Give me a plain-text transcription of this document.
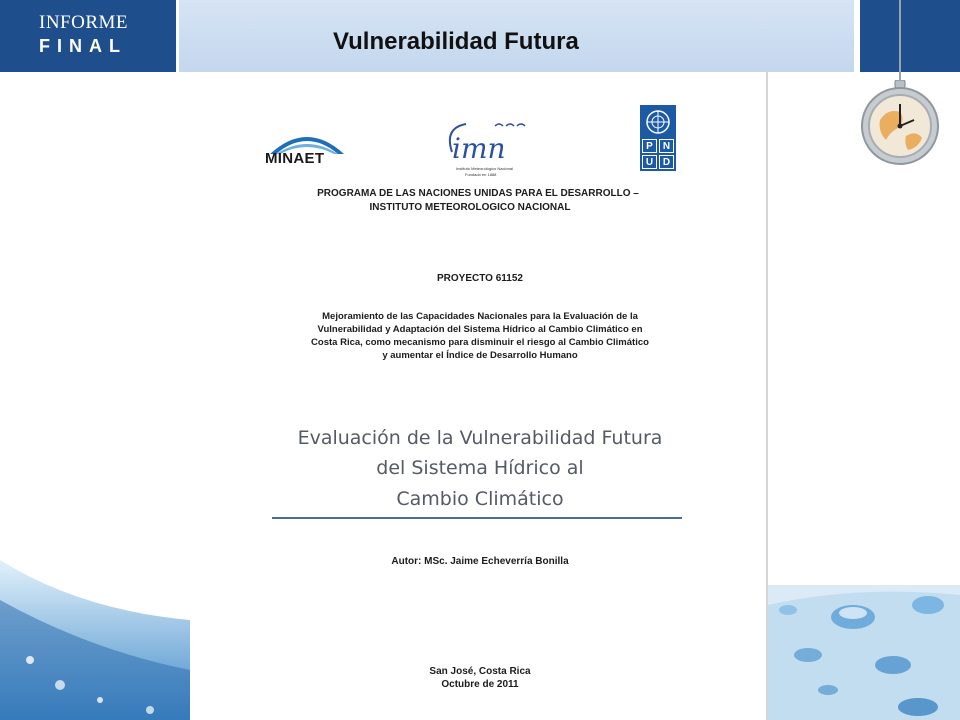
INFORME
FINAL	Vulnerabilidad Futura
MINAET	imn
Instituto Meteorológico Nacional
Fundado en 1888
P	N
U D
PROGRAMA DE LAS NACIONES UNIDAS PARA EL DESARROLLO –
INSTITUTO METEOROLOGICO NACIONAL
PROYECTO 61152
Mejoramiento de las Capacidades Nacionales para la Evaluación de la
Vulnerabilidad y Adaptación del Sistema Hídrico al Cambio Climático en
Costa Rica, como mecanismo para disminuir el riesgo al Cambio Climático
y aumentar el Índice de Desarrollo Humano
Evaluación de la Vulnerabilidad Futura
del Sistema Hídrico al
Cambio Climático
Autor: MSc. Jaime Echeverría Bonilla
San José, Costa Rica
Octubre de 2011
